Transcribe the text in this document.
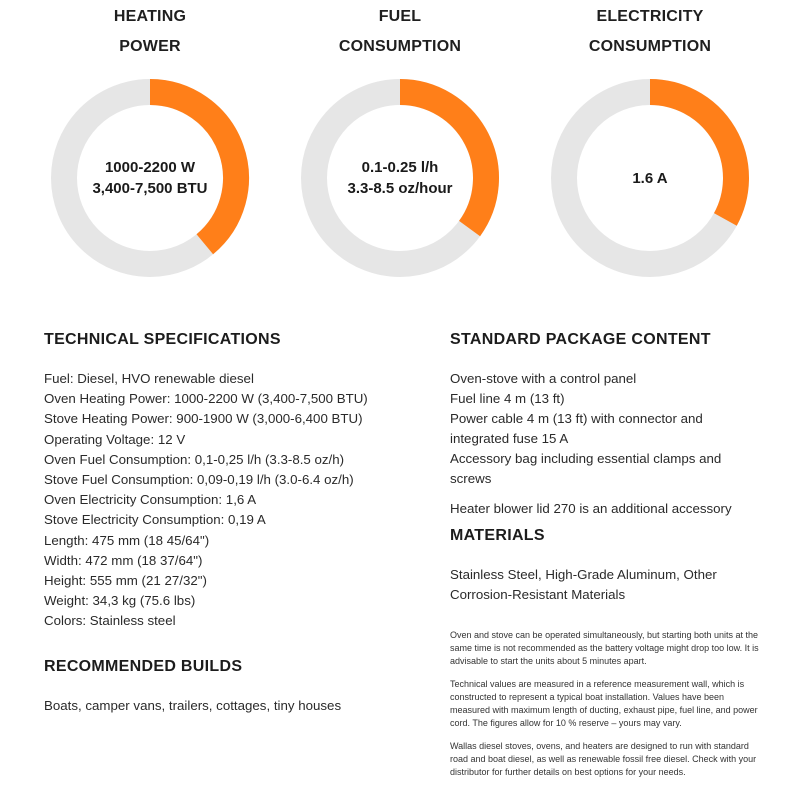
HEATING
POWER
1000-2200 W
3,400-7,500 BTU
FUEL
CONSUMPTION
0.1-0.25 l/h
3.3-8.5 oz/hour
ELECTRICITY
CONSUMPTION
1.6 A
TECHNICAL SPECIFICATIONS
Fuel: Diesel, HVO renewable diesel
Oven Heating Power: 1000-2200 W (3,400-7,500 BTU)
Stove Heating Power: 900-1900 W (3,000-6,400 BTU)
Operating Voltage: 12 V
Oven Fuel Consumption: 0,1-0,25 l/h (3.3-8.5 oz/h)
Stove Fuel Consumption: 0,09-0,19 l/h (3.0-6.4 oz/h)
Oven Electricity Consumption: 1,6 A
Stove Electricity Consumption: 0,19 A
Length: 475 mm (18 45/64")
Width: 472 mm (18 37/64")
Height: 555 mm (21 27/32")
Weight: 34,3 kg (75.6 lbs)
Colors: Stainless steel
RECOMMENDED BUILDS
Boats, camper vans, trailers, cottages, tiny houses
STANDARD PACKAGE CONTENT
Oven-stove with a control panel
Fuel line 4 m (13 ft)
Power cable 4 m (13 ft) with connector and integrated fuse 15 A
Accessory bag including essential clamps and screws
Heater blower lid 270 is an additional accessory
MATERIALS
Stainless Steel, High-Grade Aluminum, Other Corrosion-Resistant Materials

Oven and stove can be operated simultaneously, but starting both units at the same time is not recommended as the battery voltage might drop too low. It is advisable to start the units about 5 minutes apart.

Technical values are measured in a reference measurement wall, which is constructed to represent a typical boat installation. Values have been measured with maximum length of ducting, exhaust pipe, fuel line, and power cord. The figures allow for 10 % reserve – yours may vary.

Wallas diesel stoves, ovens, and heaters are designed to run with standard road and boat diesel, as well as renewable fossil free diesel. Check with your distributor for further details on best options for your needs.
